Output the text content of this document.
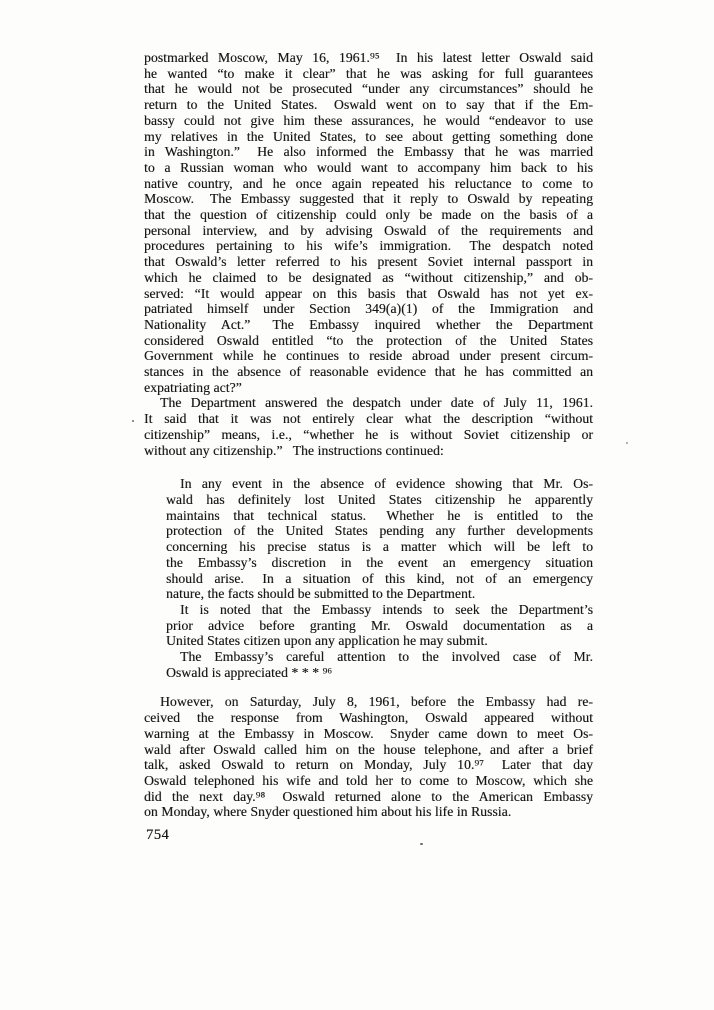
postmarked Moscow, May 16, 1961.⁹⁵  In his latest letter Oswald said
he wanted “to make it clear” that he was asking for full guarantees
that he would not be prosecuted “under any circumstances” should he
return to the United States.  Oswald went on to say that if the Em-
bassy could not give him these assurances, he would “endeavor to use
my relatives in the United States, to see about getting something done
in Washington.”  He also informed the Embassy that he was married
to a Russian woman who would want to accompany him back to his
native country, and he once again repeated his reluctance to come to
Moscow.  The Embassy suggested that it reply to Oswald by repeating
that the question of citizenship could only be made on the basis of a
personal interview, and by advising Oswald of the requirements and
procedures pertaining to his wife’s immigration.  The despatch noted
that Oswald’s letter referred to his present Soviet internal passport in
which he claimed to be designated as “without citizenship,” and ob-
served: “It would appear on this basis that Oswald has not yet ex-
patriated himself under Section 349(a)(1) of the Immigration and
Nationality Act.”  The Embassy inquired whether the Department
considered Oswald entitled “to the protection of the United States
Government while he continues to reside abroad under present circum-
stances in the absence of reasonable evidence that he has committed an
expatriating act?”
The Department answered the despatch under date of July 11, 1961.
It said that it was not entirely clear what the description “without
citizenship” means, i.e., “whether he is without Soviet citizenship or
without any citizenship.”  The instructions continued:
In any event in the absence of evidence showing that Mr. Os-
wald has definitely lost United States citizenship he apparently
maintains that technical status.  Whether he is entitled to the
protection of the United States pending any further developments
concerning his precise status is a matter which will be left to
the Embassy’s discretion in the event an emergency situation
should arise.  In a situation of this kind, not of an emergency
nature, the facts should be submitted to the Department.
It is noted that the Embassy intends to seek the Department’s
prior advice before granting Mr. Oswald documentation as a
United States citizen upon any application he may submit.
The Embassy’s careful attention to the involved case of Mr.
Oswald is appreciated * * * ⁹⁶
However, on Saturday, July 8, 1961, before the Embassy had re-
ceived the response from Washington, Oswald appeared without
warning at the Embassy in Moscow.  Snyder came down to meet Os-
wald after Oswald called him on the house telephone, and after a brief
talk, asked Oswald to return on Monday, July 10.⁹⁷  Later that day
Oswald telephoned his wife and told her to come to Moscow, which she
did the next day.⁹⁸  Oswald returned alone to the American Embassy
on Monday, where Snyder questioned him about his life in Russia.
754
